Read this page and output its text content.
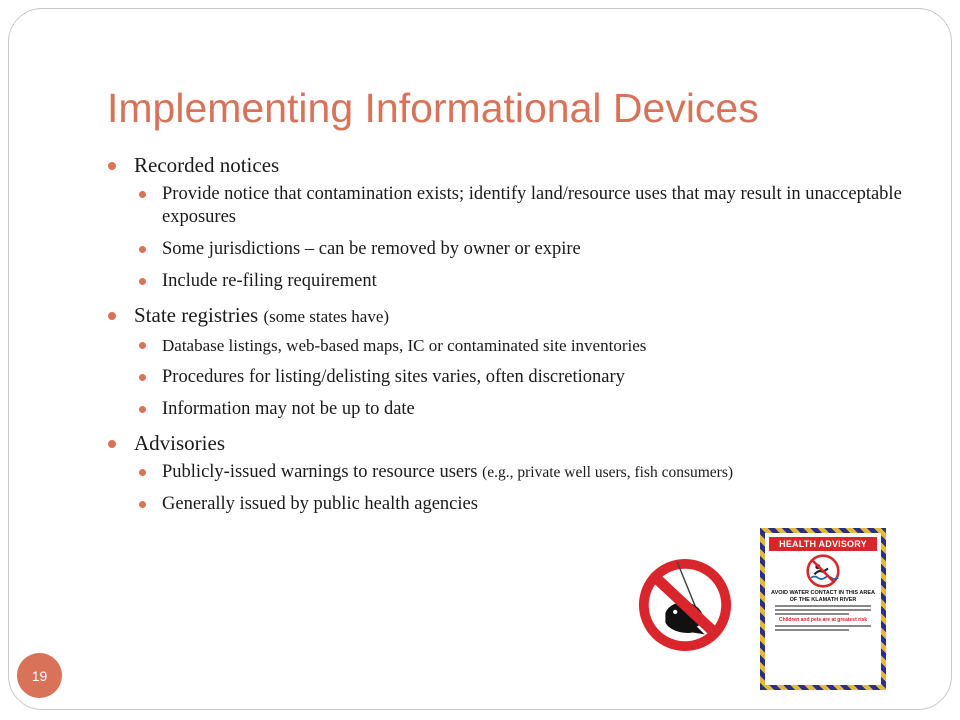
Implementing Informational Devices
Recorded notices
Provide notice that contamination exists; identify land/resource uses that may result in unacceptable exposures
Some jurisdictions – can be removed by owner or expire
Include re-filing requirement
State registries (some states have)
Database listings, web-based maps, IC or contaminated site inventories
Procedures for listing/delisting sites varies, often discretionary
Information may not be up to date
Advisories
Publicly-issued warnings to resource users (e.g., private well users, fish consumers)
Generally issued by public health agencies
HEALTH ADVISORY
AVOID WATER CONTACT IN THIS AREA OF THE KLAMATH RIVER
Children and pets are at greatest risk
19
